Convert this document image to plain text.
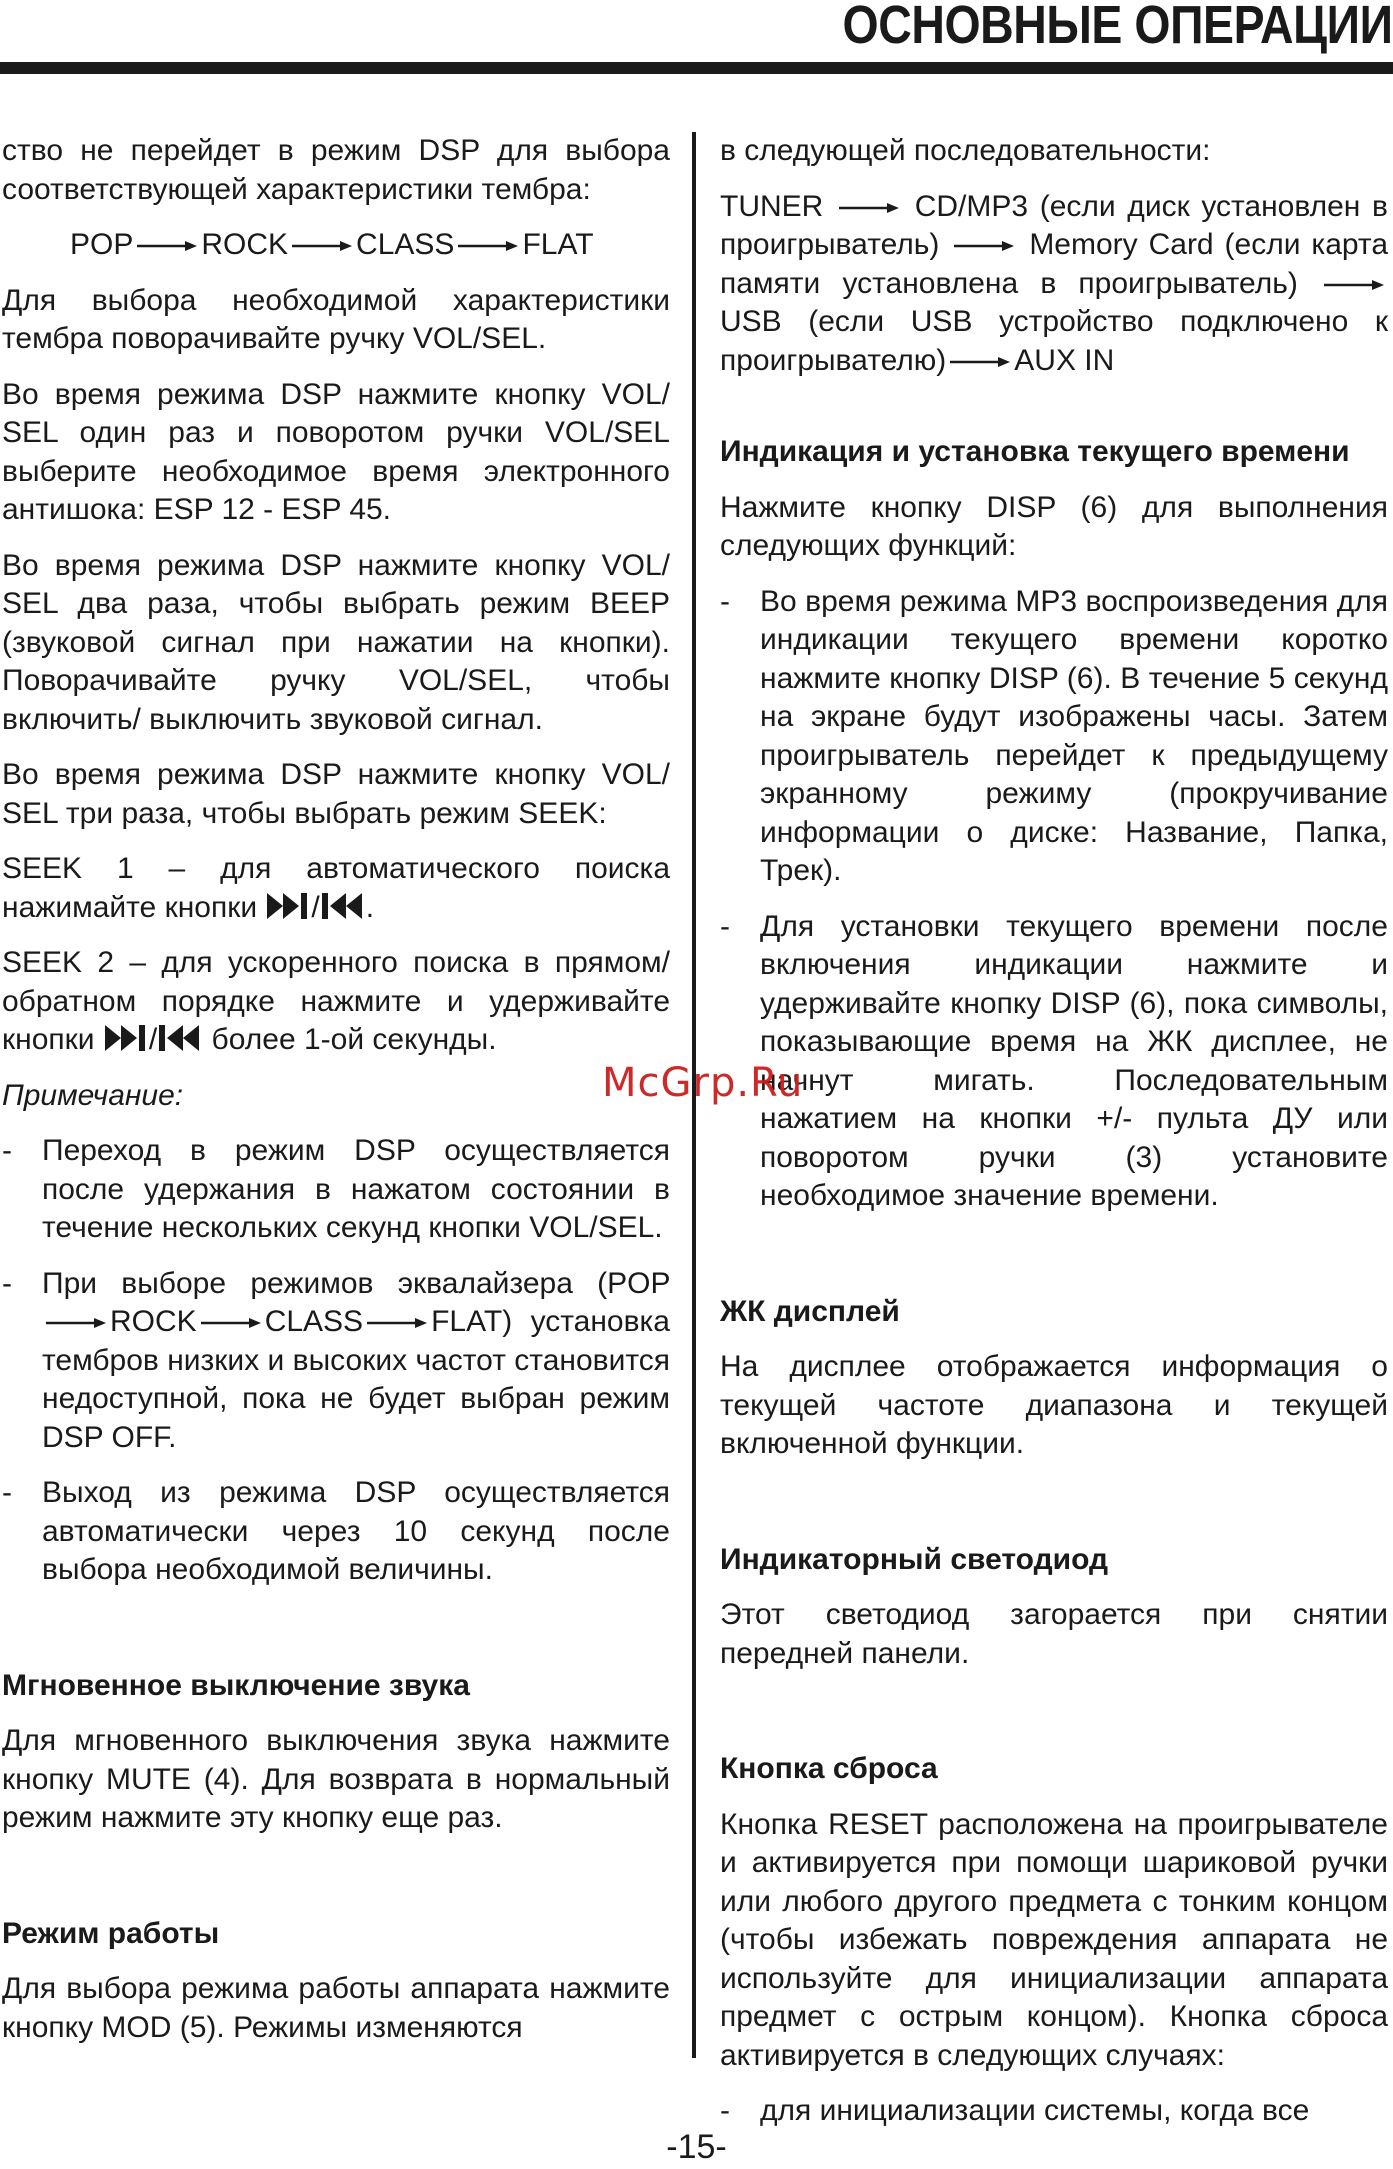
ОСНОВНЫЕ ОПЕРАЦИИ

ство не перейдет в режим DSP для выбора соответствующей характеристики тембра:

POP ROCK CLASS FLAT

Для выбора необходимой характеристики тембра поворачивайте ручку VOL/SEL.

Во время режима DSP нажмите кнопку VOL/ SEL один раз и поворотом ручки VOL/SEL выберите необходимое время электронного антишока: ESP 12 - ESP 45.

Во время режима DSP нажмите кнопку VOL/ SEL два раза, чтобы выбрать режим BEEP (звуковой сигнал при нажатии на кнопки). Поворачивайте ручку VOL/SEL, чтобы включить/ выключить звуковой сигнал.

Во время режима DSP нажмите кнопку VOL/ SEL три раза, чтобы выбрать режим SEEK:

SEEK 1 – для автоматического поиска нажимайте кнопки / .

SEEK 2 – для ускоренного поиска в прямом/ обратном порядке нажмите и удерживайте кнопки / более 1-ой секунды.

Примечание:
- Переход в режим DSP осуществляется после удержания в нажатом состоянии в течение нескольких секунд кнопки VOL/SEL.
- При выборе режимов эквалайзера (POP ROCK CLASS FLAT) установка тембров низких и высоких частот становится недоступной, пока не будет выбран режим DSP OFF.
- Выход из режима DSP осуществляется автоматически через 10 секунд после выбора необходимой величины.
Мгновенное выключение звука

Для мгновенного выключения звука нажмите кнопку MUTE (4). Для возврата в нормальный режим нажмите эту кнопку еще раз.

Режим работы

Для выбора режима работы аппарата нажмите кнопку MOD (5). Режимы изменяются

в следующей последовательности:

TUNER	CD/MP3 (если диск установлен в проигрыватель)	Memory Card (если карта памяти установлена в проигрыватель)  USB (если USB устройство подключено к проигрывателю) AUX IN

Индикация и установка текущего времени

Нажмите кнопку DISP (6) для выполнения следующих функций:

- Во время режима MP3 воспроизведения для индикации текущего времени коротко нажмите кнопку DISP (6). В течение 5 секунд на экране будут изображены часы. Затем проигрыватель перейдет к предыдущему экранному режиму (прокручивание информации о диске: Название, Папка, Трек).
- Для установки текущего времени после включения индикации нажмите и удерживайте кнопку DISP (6), пока символы, показывающие время на ЖК дисплее, не начнут мигать. Последовательным нажатием на кнопки +/- пульта ДУ или поворотом ручки (3) установите необходимое значение времени.
ЖК дисплей

На дисплее отображается информация о текущей частоте диапазона и текущей включенной функции.

Индикаторный светодиод

Этот светодиод загорается при снятии передней панели.

Кнопка сброса

Кнопка RESET расположена на проигрывателе и активируется при помощи шариковой ручки или любого другого предмета с тонким концом (чтобы избежать повреждения аппарата не используйте для инициализации аппарата предмет с острым концом). Кнопка сброса активируется в следующих случаях:

- для инициализации системы, когда все
McGrp.Ru
-15-
